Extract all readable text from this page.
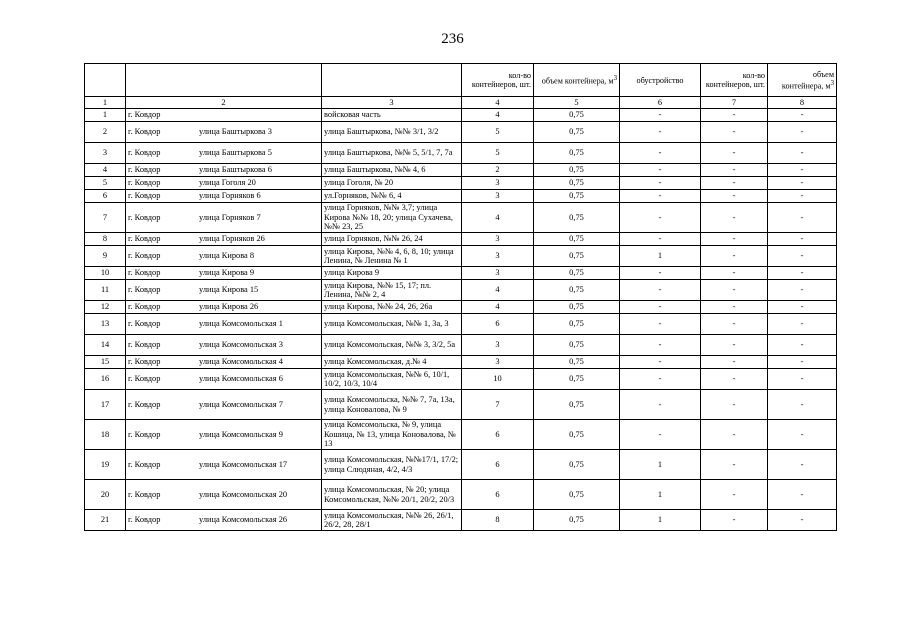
236
			кол-во контейнеров, шт.	объем контейнера, $м^3$	обустройство	кол-во контейнеров, шт.	объем контейнера, $м^3$
1	2	3	4	5	6	7	8
1	г. Ковдор	войсковая часть	4	0,75	-	-	-
2	г. Ковдор улица Баштыркова 3	улица Баштыркова, №№ 3/1, 3/2	5	0,75	-	-	-
3	г. Ковдор улица Баштыркова 5	улица Баштыркова, №№ 5, 5/1, 7, 7а	5	0,75	-	-	-
4	г. Ковдор улица Баштыркова 6	улица Баштыркова, №№ 4, 6	2	0,75	-	-	-
5	г. Ковдор улица Гоголя 20	улица Гоголя, № 20	3	0,75	-	-	-
6	г. Ковдор улица Горняков 6	ул.Горняков, №№ 6, 4	3	0,75	-	-	-
7	г. Ковдор улица Горняков 7	улица Горняков, №№ 3,7; улица Кирова №№ 18, 20; улица Сухачева, №№ 23, 25	4	0,75	-	-	-
8	г. Ковдор улица Горняков 26	улица Горняков, №№ 26, 24	3	0,75	-	-	-
9	г. Ковдор улица Кирова 8	улица Кирова, №№ 4, 6, 8, 10; улица Ленина, № Ленина № 1	3	0,75	1	-	-
10	г. Ковдор улица Кирова 9	улица Кирова 9	3	0,75	-	-	-
11	г. Ковдор улица Кирова 15	улица Кирова, №№ 15, 17; пл. Ленина, №№ 2, 4	4	0,75	-	-	-
12	г. Ковдор улица Кирова 26	улица Кирова, №№ 24, 26, 26а	4	0,75	-	-	-
13	г. Ковдор улица Комсомольская 1	улица Комсомольская, №№ 1, 3а, 3	6	0,75	-	-	-
14	г. Ковдор улица Комсомольская 3	улица Комсомольская, №№ 3, 3/2, 5а	3	0,75	-	-	-
15	г. Ковдор улица Комсомольская 4	улица Комсомольская, д.№ 4	3	0,75	-	-	-
16	г. Ковдор улица Комсомольская 6	улица Комсомольская, №№ 6, 10/1, 10/2, 10/3, 10/4	10	0,75	-	-	-
17	г. Ковдор улица Комсомольская 7	улица Комсомольска, №№ 7, 7а, 13а, улица Коновалова, № 9	7	0,75	-	-	-
18	г. Ковдор улица Комсомольская 9	улица Комсомольска, № 9, улица Кошица, № 13, улица Коновалова, № 13	6	0,75	-	-	-
19	г. Ковдор улица Комсомольская 17	улица Комсомольская, №№17/1, 17/2; улица Слюдяная, 4/2, 4/3	6	0,75	1	-	-
20	г. Ковдор улица Комсомольская 20	улица Комсомольская, № 20; улица Комсомольская, №№ 20/1, 20/2, 20/3	6	0,75	1	-	-
21	г. Ковдор улица Комсомольская 26	улица Комсомольская, №№ 26, 26/1, 26/2, 28, 28/1	8	0,75	1	-	-
